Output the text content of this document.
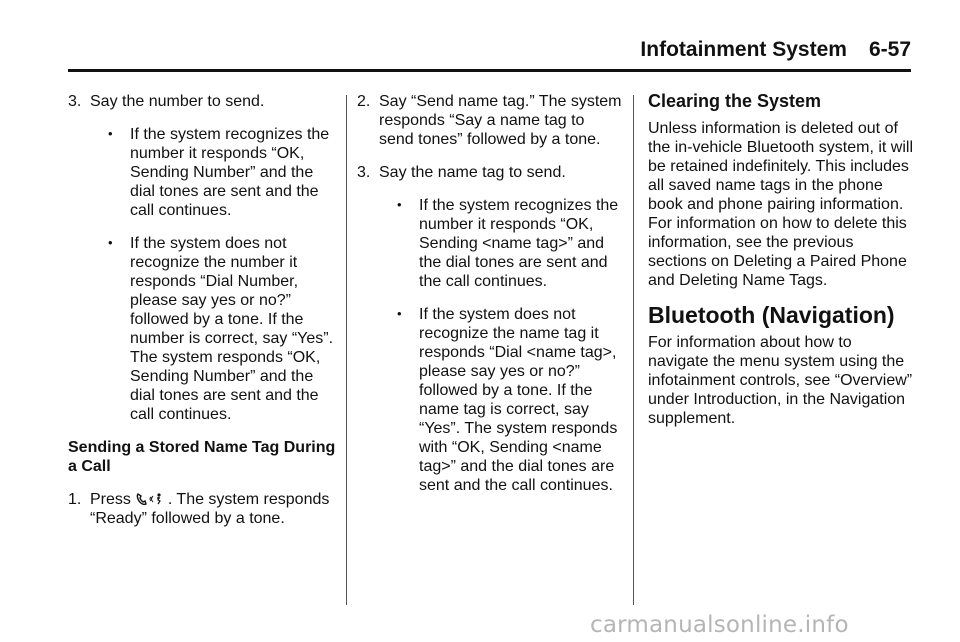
Infotainment System 6-57
3. Say the number to send.
•	If the system recognizes the number it responds “OK, Sending Number” and the dial tones are sent and the call continues.
•	If the system does not recognize the number it responds “Dial Number, please say yes or no?” followed by a tone. If the number is correct, say “Yes”. The system responds “OK, Sending Number” and the dial tones are sent and the call continues.

Sending a Stored Name Tag During a Call

1. Press . The system responds “Ready” followed by a tone.
2. Say “Send name tag.” The system responds “Say a name tag to send tones” followed by a tone.
3. Say the name tag to send.
•	If the system recognizes the number it responds “OK, Sending <name tag>” and the dial tones are sent and the call continues.
•	If the system does not recognize the name tag it responds “Dial <name tag>, please say yes or no?” followed by a tone. If the name tag is correct, say “Yes”. The system responds with “OK, Sending <name tag>” and the dial tones are sent and the call continues.
Clearing the System

Unless information is deleted out of the in-vehicle Bluetooth system, it will be retained indefinitely. This includes all saved name tags in the phone book and phone pairing information. For information on how to delete this information, see the previous sections on Deleting a Paired Phone and Deleting Name Tags.

Bluetooth (Navigation)

For information about how to navigate the menu system using the infotainment controls, see “Overview” under Introduction, in the Navigation supplement.

carmanualsonline.info
